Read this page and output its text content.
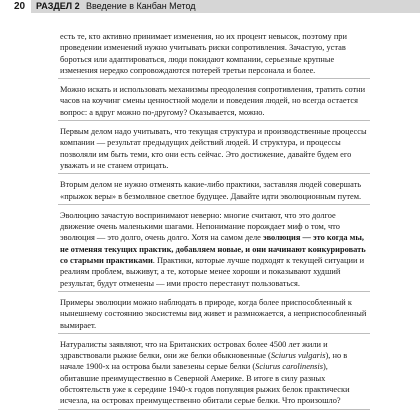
20 РАЗДЕЛ 2 Введение в Канбан Метод

есть те, кто активно принимает изменения, но их процент невысок, поэтому при проведении изменений нужно учитывать риски сопротивления. Зачастую, устав бороться или адаптироваться, люди покидают компании, серьезные крупные изменения нередко сопровождаются потерей третьи персонала и более.

Можно искать и использовать механизмы преодоления сопротивления, тратить сотни часов на коучинг смены ценностной модели и поведения людей, но всегда остается вопрос: а вдруг можно по-другому? Оказывается, можно.

Первым делом надо учитывать, что текущая структура и производственные процессы компании — результат предыдущих действий людей. И структура, и процессы позволяли им быть теми, кто они есть сейчас. Это достижение, давайте будем его уважать и не станем отрицать.

Вторым делом не нужно отменять какие-либо практики, заставляя людей совершать «прыжок веры» в безмолвное светлое будущее. Давайте идти эволюционным путем.

Эволюцию зачастую воспринимают неверно: многие считают, что это долгое движение очень маленькими шагами. Непонимание порождает миф о том, что эволюция — это долго, очень долго. Хотя на самом деле эволюция — это когда мы, не отменяя текущих практик, добавляем новые, и они начинают конкурировать со старыми практиками. Практики, которые лучше подходят к текущей ситуации и реалиям проблем, выживут, а те, которые менее хороши и показывают худший результат, будут отменены — ими просто перестанут пользоваться.

Примеры эволюции можно наблюдать в природе, когда более приспособленный к нынешнему состоянию экосистемы вид живет и размножается, а неприспособленный вымирает.

Натуралисты заявляют, что на Британских островах более 4500 лет жили и здравствовали рыжие белки, они же белки обыкновенные (Sciurus vulgaris), но в начале 1900-х на острова были завезены серые белки (Sciurus carolinensis), обитавшие преимущественно в Северной Америке. В итоге в силу разных обстоятельств уже к середине 1940-х годов популяция рыжих белок практически исчезла, на островах преимущественно обитали серые белки. Что произошло?
